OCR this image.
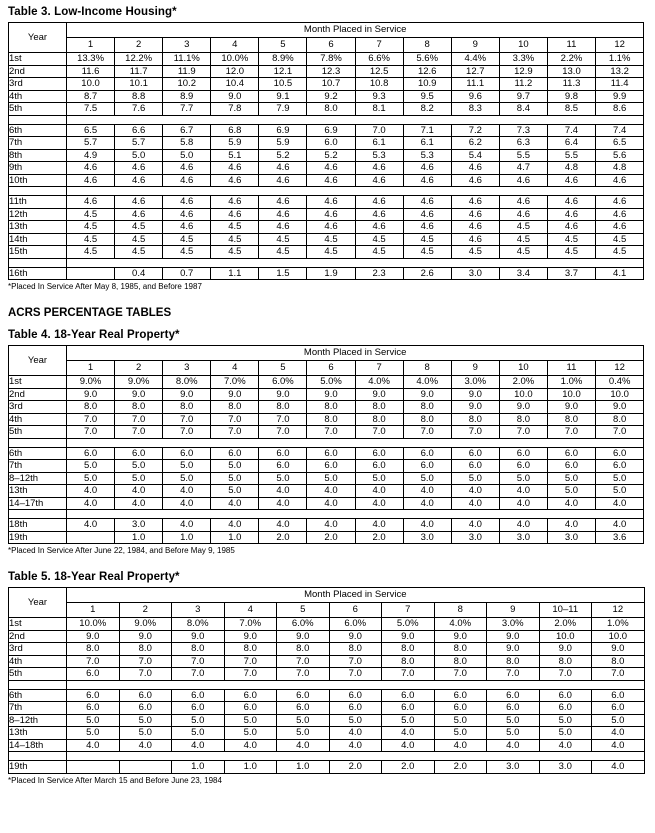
Table 3. Low-Income Housing*
Year	Month Placed in Service											
	1	2	3	4	5	6	7	8	9	10	11	12
1st	13.3%	12.2%	11.1%	10.0%	8.9%	7.8%	6.6%	5.6%	4.4%	3.3%	2.2%	1.1%
2nd	11.6	11.7	11.9	12.0	12.1	12.3	12.5	12.6	12.7	12.9	13.0	13.2
3rd	10.0	10.1	10.2	10.4	10.5	10.7	10.8	10.9	11.1	11.2	11.3	11.4
4th	8.7	8.8	8.9	9.0	9.1	9.2	9.3	9.5	9.6	9.7	9.8	9.9
5th	7.5	7.6	7.7	7.8	7.9	8.0	8.1	8.2	8.3	8.4	8.5	8.6

6th	6.5	6.6	6.7	6.8	6.9	6.9	7.0	7.1	7.2	7.3	7.4	7.4
7th	5.7	5.7	5.8	5.9	5.9	6.0	6.1	6.1	6.2	6.3	6.4	6.5
8th	4.9	5.0	5.0	5.1	5.2	5.2	5.3	5.3	5.4	5.5	5.5	5.6
9th	4.6	4.6	4.6	4.6	4.6	4.6	4.6	4.6	4.6	4.7	4.8	4.8
10th	4.6	4.6	4.6	4.6	4.6	4.6	4.6	4.6	4.6	4.6	4.6	4.6

11th	4.6	4.6	4.6	4.6	4.6	4.6	4.6	4.6	4.6	4.6	4.6	4.6
12th	4.5	4.6	4.6	4.6	4.6	4.6	4.6	4.6	4.6	4.6	4.6	4.6
13th	4.5	4.5	4.6	4.5	4.6	4.6	4.6	4.6	4.6	4.5	4.6	4.6
14th	4.5	4.5	4.5	4.5	4.5	4.5	4.5	4.5	4.6	4.5	4.5	4.5
15th	4.5	4.5	4.5	4.5	4.5	4.5	4.5	4.5	4.5	4.5	4.5	4.5

16th		0.4	0.7	1.1	1.5	1.9	2.3	2.6	3.0	3.4	3.7	4.1
*Placed In Service After May 8, 1985, and Before 1987
ACRS PERCENTAGE TABLES
Table 4. 18-Year Real Property*
Year	Month Placed in Service											
	1	2	3	4	5	6	7	8	9	10	11	12
1st	9.0%	9.0%	8.0%	7.0%	6.0%	5.0%	4.0%	4.0%	3.0%	2.0%	1.0%	0.4%
2nd	9.0	9.0	9.0	9.0	9.0	9.0	9.0	9.0	9.0	10.0	10.0	10.0
3rd	8.0	8.0	8.0	8.0	8.0	8.0	8.0	8.0	9.0	9.0	9.0	9.0
4th	7.0	7.0	7.0	7.0	7.0	8.0	8.0	8.0	8.0	8.0	8.0	8.0
5th	7.0	7.0	7.0	7.0	7.0	7.0	7.0	7.0	7.0	7.0	7.0	7.0

6th	6.0	6.0	6.0	6.0	6.0	6.0	6.0	6.0	6.0	6.0	6.0	6.0
7th	5.0	5.0	5.0	5.0	6.0	6.0	6.0	6.0	6.0	6.0	6.0	6.0
8–12th	5.0	5.0	5.0	5.0	5.0	5.0	5.0	5.0	5.0	5.0	5.0	5.0
13th	4.0	4.0	4.0	5.0	4.0	4.0	4.0	4.0	4.0	4.0	5.0	5.0
14–17th	4.0	4.0	4.0	4.0	4.0	4.0	4.0	4.0	4.0	4.0	4.0	4.0

18th	4.0	3.0	4.0	4.0	4.0	4.0	4.0	4.0	4.0	4.0	4.0	4.0
19th		1.0	1.0	1.0	2.0	2.0	2.0	3.0	3.0	3.0	3.0	3.6
*Placed In Service After June 22, 1984, and Before May 9, 1985
Table 5. 18-Year Real Property*
Year	Month Placed in Service										
	1	2	3	4	5	6	7	8	9	10–11	12
1st	10.0%	9.0%	8.0%	7.0%	6.0%	6.0%	5.0%	4.0%	3.0%	2.0%	1.0%
2nd	9.0	9.0	9.0	9.0	9.0	9.0	9.0	9.0	9.0	10.0	10.0
3rd	8.0	8.0	8.0	8.0	8.0	8.0	8.0	8.0	9.0	9.0	9.0
4th	7.0	7.0	7.0	7.0	7.0	7.0	8.0	8.0	8.0	8.0	8.0
5th	6.0	7.0	7.0	7.0	7.0	7.0	7.0	7.0	7.0	7.0	7.0

6th	6.0	6.0	6.0	6.0	6.0	6.0	6.0	6.0	6.0	6.0	6.0
7th	6.0	6.0	6.0	6.0	6.0	6.0	6.0	6.0	6.0	6.0	6.0
8–12th	5.0	5.0	5.0	5.0	5.0	5.0	5.0	5.0	5.0	5.0	5.0
13th	5.0	5.0	5.0	5.0	5.0	4.0	4.0	5.0	5.0	5.0	4.0
14–18th	4.0	4.0	4.0	4.0	4.0	4.0	4.0	4.0	4.0	4.0	4.0

19th			1.0	1.0	1.0	2.0	2.0	2.0	3.0	3.0	4.0
*Placed In Service After March 15 and Before June 23, 1984
